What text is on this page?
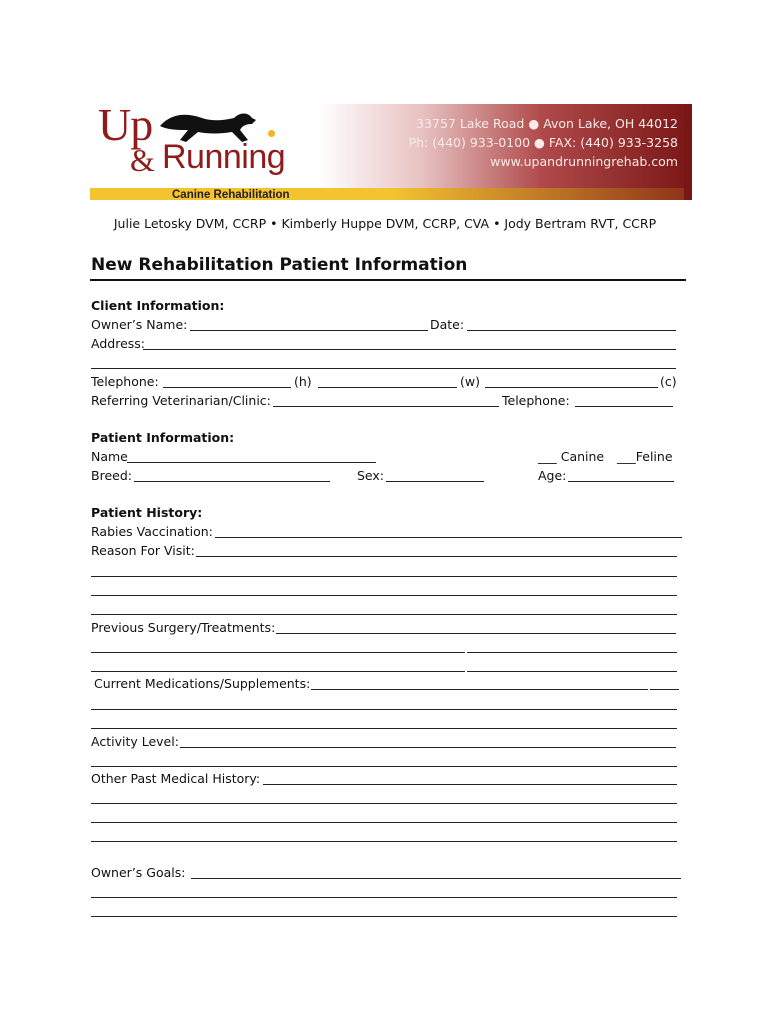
Up
& Running
33757 Lake Road ● Avon Lake, OH 44012
Ph: (440) 933-0100 ● FAX: (440) 933-3258
www.upandrunningrehab.com
Canine Rehabilitation
Julie Letosky DVM, CCRP • Kimberly Huppe DVM, CCRP, CVA • Jody Bertram RVT, CCRP
New Rehabilitation Patient Information
Client Information:
Owner’s Name:	Date:
Address:
Telephone:	(h)	(w)	(c)
Referring Veterinarian/Clinic:	Telephone:
Patient Information:
Name	___ Canine ___Feline
Breed:	Sex:	Age:
Patient History:
Rabies Vaccination:
Reason For Visit:
Previous Surgery/Treatments:
Current Medications/Supplements:
Activity Level:
Other Past Medical History:
Owner’s Goals:
